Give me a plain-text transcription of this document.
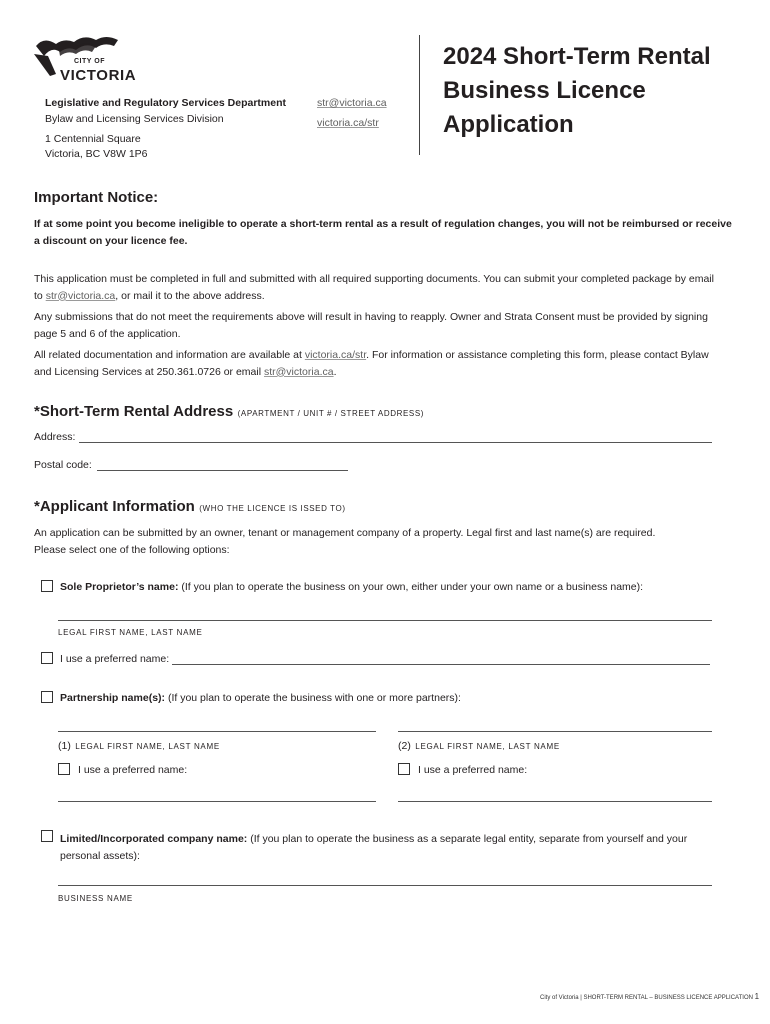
CITY OF
VICTORIA
Legislative and Regulatory Services Department
Bylaw and Licensing Services Division
1 Centennial Square
Victoria, BC V8W 1P6
str@victoria.ca
victoria.ca/str
2024 Short-Term Rental Business Licence Application
Important Notice:
If at some point you become ineligible to operate a short-term rental as a result of regulation changes, you will not be reimbursed or receive a discount on your licence fee.
This application must be completed in full and submitted with all required supporting documents. You can submit your completed package by email to str@victoria.ca, or mail it to the above address.
Any submissions that do not meet the requirements above will result in having to reapply. Owner and Strata Consent must be provided by signing page 5 and 6 of the application.
All related documentation and information are available at victoria.ca/str. For information or assistance completing this form, please contact Bylaw and Licensing Services at 250.361.0726 or email str@victoria.ca.
*Short-Term Rental Address (APARTMENT / UNIT # / STREET ADDRESS)
Address:
Postal code:
*Applicant Information (WHO THE LICENCE IS ISSED TO)
An application can be submitted by an owner, tenant or management company of a property. Legal first and last name(s) are required.
Please select one of the following options:
Sole Proprietor’s name: (If you plan to operate the business on your own, either under your own name or a business name):
LEGAL FIRST NAME, LAST NAME
I use a preferred name:
Partnership name(s): (If you plan to operate the business with one or more partners):
(1) LEGAL FIRST NAME, LAST NAME	(2) LEGAL FIRST NAME, LAST NAME
I use a preferred name:	I use a preferred name:
Limited/Incorporated company name: (If you plan to operate the business as a separate legal entity, separate from yourself and your personal assets):
BUSINESS NAME
City of Victoria | SHORT-TERM RENTAL – BUSINESS LICENCE APPLICATION 1
